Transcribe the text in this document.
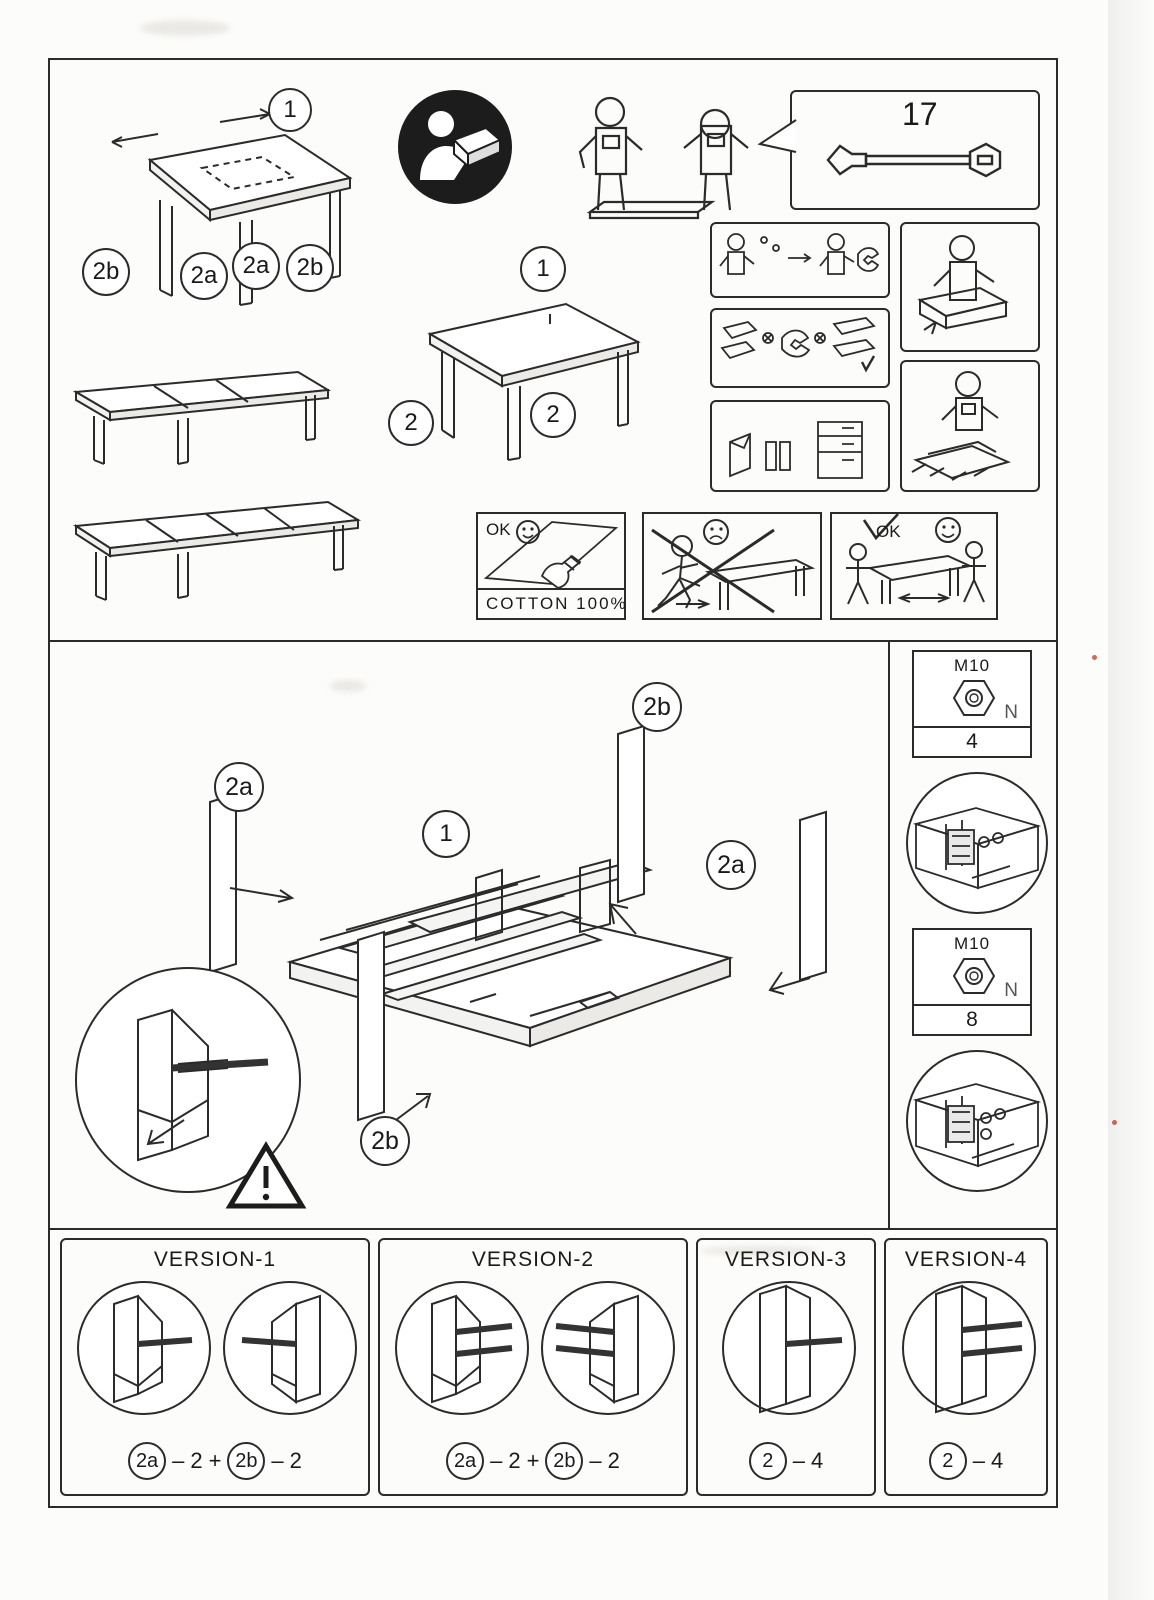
1
2b	2a 2a 2b
17
OK
COTTON 100%
OK
1
2	2
2a
2b
1
2a
2b
M10
N
4
M10
N
8
VERSION-1
2a – 2 + 2b – 2
VERSION-2
2a – 2 + 2b – 2
VERSION-3
2 – 4
VERSION-4
2 – 4
